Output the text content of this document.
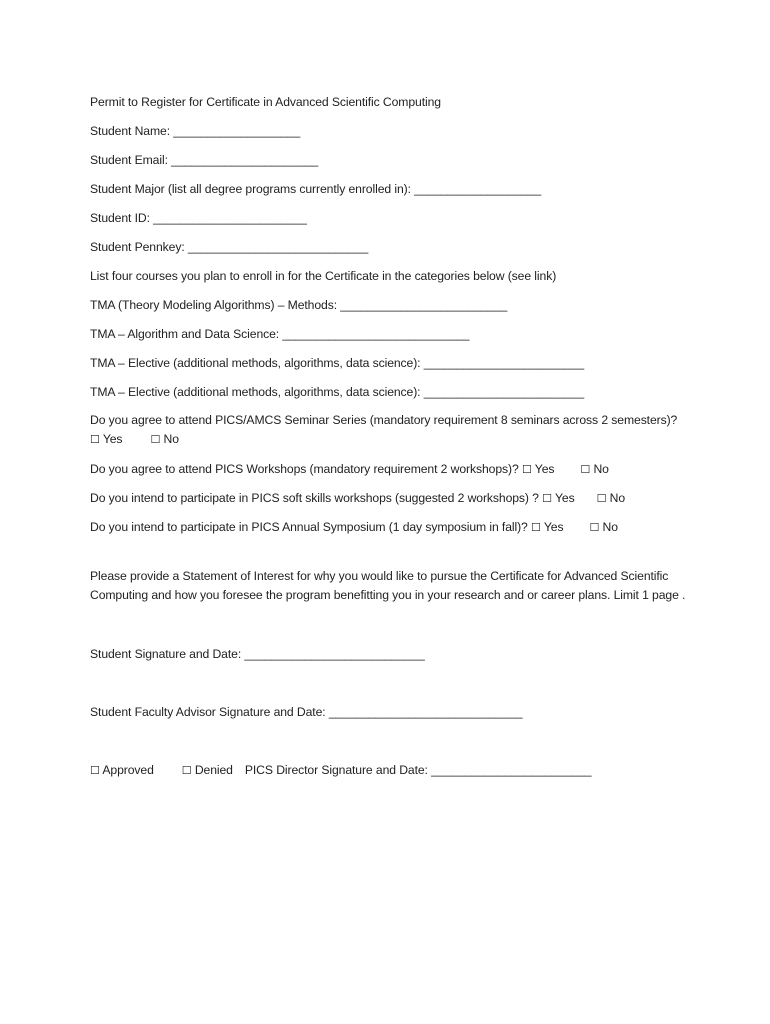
Permit to Register for Certificate in Advanced Scientific Computing
Student Name: ___________________
Student Email: ______________________
Student Major (list all degree programs currently enrolled in): ___________________
Student ID: _______________________
Student Pennkey: ___________________________
List four courses you plan to enroll in for the Certificate in the categories below (see link)
TMA (Theory Modeling Algorithms) – Methods: _________________________
TMA – Algorithm and Data Science: ____________________________
TMA – Elective (additional methods, algorithms, data science): ________________________
TMA – Elective (additional methods, algorithms, data science): ________________________
Do you agree to attend PICS/AMCS Seminar Series (mandatory requirement 8 seminars across 2 semesters)? ☐ Yes	☐ No
Do you agree to attend PICS Workshops (mandatory requirement 2 workshops)? ☐ Yes ☐ No
Do you intend to participate in PICS soft skills workshops (suggested 2 workshops) ? ☐ Yes ☐ No
Do you intend to participate in PICS Annual Symposium (1 day symposium in fall)? ☐ Yes ☐ No
Please provide a Statement of Interest for why you would like to pursue the Certificate for Advanced Scientific Computing and how you foresee the program benefitting you in your research and or career plans. Limit 1 page .
Student Signature and Date: ___________________________
Student Faculty Advisor Signature and Date: _____________________________
☐ Approved	☐ Denied PICS Director Signature and Date: ________________________
